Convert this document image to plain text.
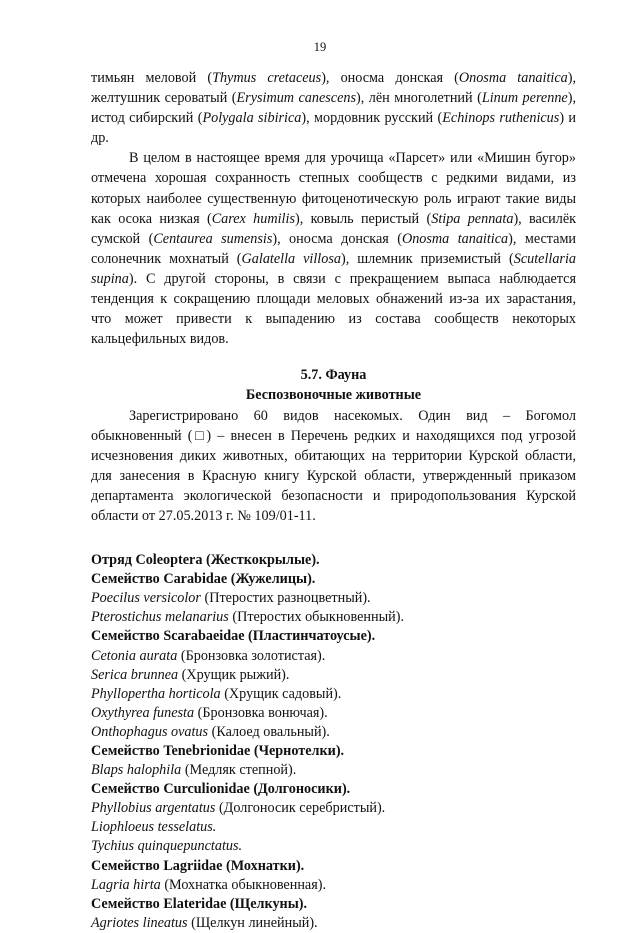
19

тимьян меловой (Thymus cretaceus), оносма донская (Onosma tanaitica), желтушник сероватый (Erysimum canescens), лён многолетний (Linum perenne), истод сибирский (Polygala sibirica), мордовник русский (Echinops ruthenicus) и др.

В целом в настоящее время для урочища «Парсет» или «Мишин бугор» отмечена хорошая сохранность степных сообществ с редкими видами, из которых наиболее существенную фитоценотическую роль играют такие виды как осока низкая (Carex humilis), ковыль перистый (Stipa pennata), василёк сумской (Centaurea sumensis), оносма донская (Onosma tanaitica), местами солонечник мохнатый (Galatella villosa), шлемник приземистый (Scutellaria supina). С другой стороны, в связи с прекращением выпаса наблюдается тенденция к сокращению площади меловых обнажений из-за их зарастания, что может привести к выпадению из состава сообществ некоторых кальцефильных видов.

5.7. Фауна

Беспозвоночные животные

Зарегистрировано 60 видов насекомых. Один вид – Богомол обыкновенный (□) – внесен в Перечень редких и находящихся под угрозой исчезновения диких животных, обитающих на территории Курской области, для занесения в Красную книгу Курской области, утвержденный приказом департамента экологической безопасности и природопользования Курской области от 27.05.2013 г. № 109/01-11.

Отряд Coleoptera (Жесткокрылые).

Семейство Carabidae (Жужелицы).

Poecilus versicolor (Птеростих разноцветный).

Pterostichus melanarius (Птеростих обыкновенный).

Семейство Scarabaeidae (Пластинчатоусые).

Cetonia aurata (Бронзовка золотистая).

Serica brunnea (Хрущик рыжий).

Phyllopertha horticola (Хрущик садовый).

Oxythyrea funesta (Бронзовка вонючая).

Onthophagus ovatus (Калоед овальный).

Семейство Tenebrionidae (Чернотелки).

Blaps halophila (Медляк степной).

Семейство Curculionidae (Долгоносики).

Phyllobius argentatus (Долгоносик серебристый).

Liophloeus tesselatus.

Tychius quinquepunctatus.

Семейство Lagriidae (Мохнатки).

Lagria hirta (Мохнатка обыкновенная).

Семейство Elateridae (Щелкуны).

Agriotes lineatus (Щелкун линейный).
